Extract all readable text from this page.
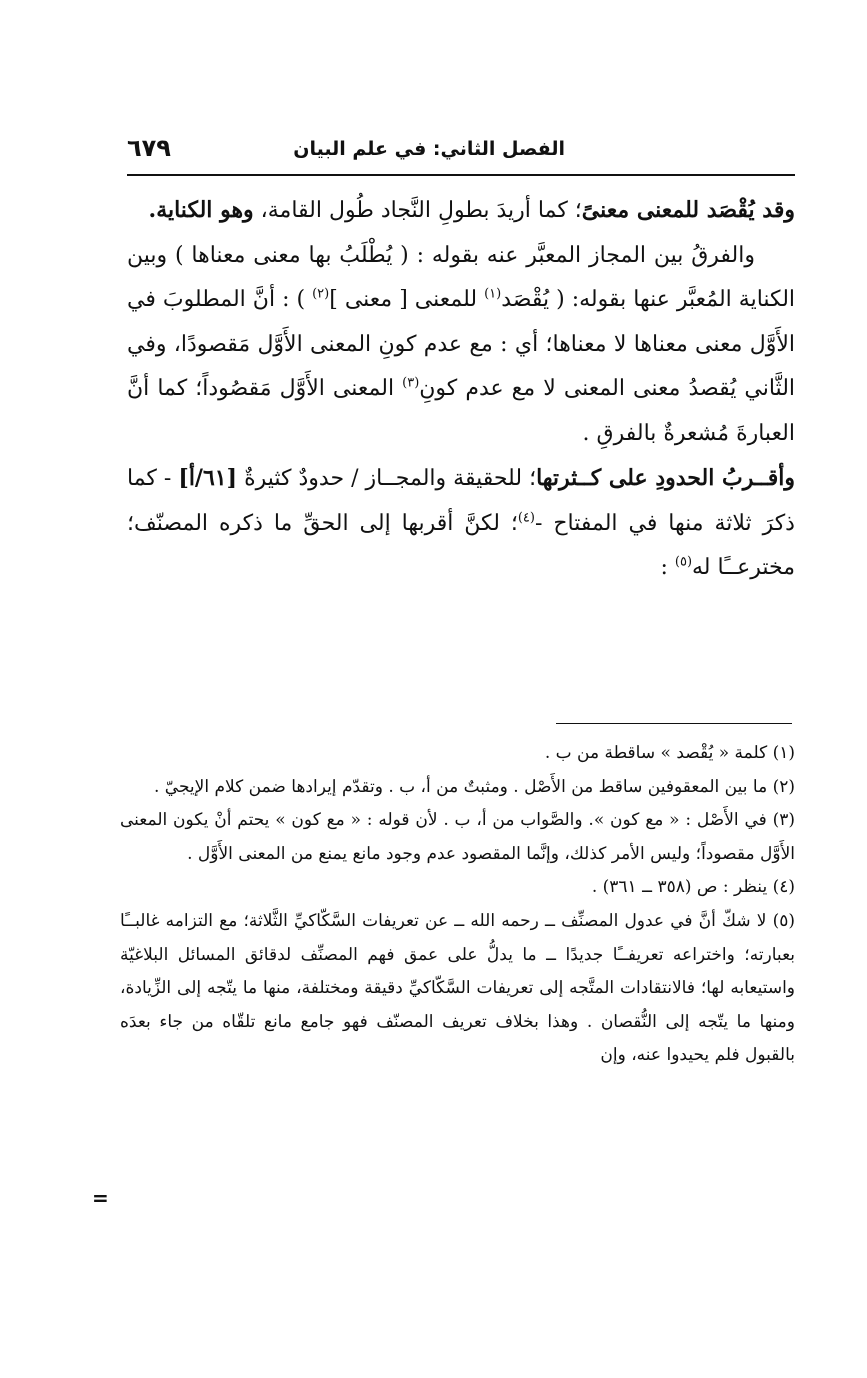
الفصل الثاني: في علم البيان
٦٧٩

وقد يُقْصَد للمعنى معنىً؛ كما أريدَ بطولِ النَّجاد طُول القامة، وهو الكناية.

والفرقُ بين المجاز المعبَّر عنه بقوله : ( يُطْلَبُ بها معنى معناها ) وبين الكناية المُعبَّر عنها بقوله: ( يُقْصَد$^{(١)}$ للمعنى [ معنى ]$^{(٢)}$ ) : أنَّ المطلوبَ في الأَوَّل معنى معناها لا معناها؛ أي : مع عدم كونِ المعنى الأَوَّل مَقصودًا، وفي الثَّاني يُقصدُ معنى المعنى لا مع عدم كونِ$^{(٣)}$ المعنى الأَوَّل مَقصُوداً؛ كما أنَّ العبارةَ مُشعرةٌ بالفرقِ .

وأقــربُ الحدودِ على كــثرتها؛ للحقيقة والمجــاز / حدودٌ كثيرةٌ [٦١/أ] - كما ذكرَ ثلاثة منها في المفتاح -$^{(٤)}$؛ لكنَّ أقربها إلى الحقِّ ما ذكره المصنّف؛ مخترعــًا له$^{(٥)}$ :

(١) كلمة « يُقْصد » ساقطة من ب .

(٢) ما بين المعقوفين ساقط من الأَصْل . ومثبتٌ من أ، ب . وتقدّم إيرادها ضمن كلام الإيجيّ .

(٣) في الأَصْل : « مع كون ». والصَّواب من أ، ب . لأن قوله : « مع كون » يحتم أنْ يكون المعنى الأَوَّل مقصوداً؛ وليس الأمر كذلك، وإنَّما المقصود عدم وجود مانع يمنع من المعنى الأَوَّل .

(٤) ينظر : ص (٣٥٨ ــ ٣٦١) .

(٥) لا شكّ أنَّ في عدول المصنِّف ــ رحمه الله ــ عن تعريفات السَّكّاكيِّ الثَّلاثة؛ مع التزامه غالبــًا بعبارته؛ واختراعه تعريفــًا جديدًا ــ ما يدلُّ على عمق فهم المصنِّف لدقائق المسائل البلاغيّة واستيعابه لها؛ فالانتقادات المتَّجه إلى تعريفات السَّكّاكيِّ دقيقة ومختلفة، منها ما يتّجه إلى الزِّيادة، ومنها ما يتّجه إلى النُّقصان . وهذا بخلاف تعريف المصنّف فهو جامع مانع تلقّاه من جاء بعدَه بالقبول فلم يحيدوا عنه، وإن

=
